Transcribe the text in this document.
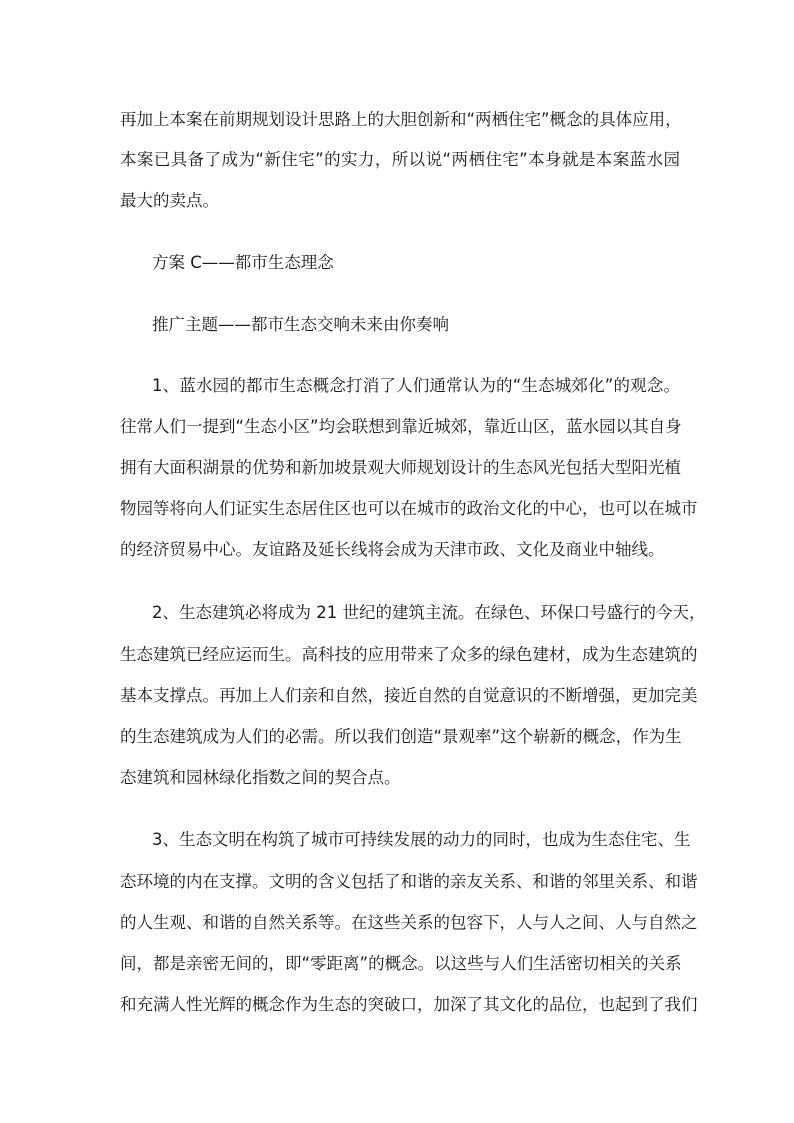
再加上本案在前期规划设计思路上的大胆创新和“两栖住宅”概念的具体应用，
本案已具备了成为“新住宅”的实力，所以说“两栖住宅”本身就是本案蓝水园
最大的卖点。
方案 C——都市生态理念
推广主题——都市生态交响未来由你奏响
1、蓝水园的都市生态概念打消了人们通常认为的“生态城郊化”的观念。
往常人们一提到“生态小区”均会联想到靠近城郊，靠近山区，蓝水园以其自身
拥有大面积湖景的优势和新加坡景观大师规划设计的生态风光包括大型阳光植
物园等将向人们证实生态居住区也可以在城市的政治文化的中心，也可以在城市
的经济贸易中心。友谊路及延长线将会成为天津市政、文化及商业中轴线。
2、生态建筑必将成为 21 世纪的建筑主流。在绿色、环保口号盛行的今天，
生态建筑已经应运而生。高科技的应用带来了众多的绿色建材，成为生态建筑的
基本支撑点。再加上人们亲和自然，接近自然的自觉意识的不断增强，更加完美
的生态建筑成为人们的必需。所以我们创造“景观率”这个崭新的概念，作为生
态建筑和园林绿化指数之间的契合点。
3、生态文明在构筑了城市可持续发展的动力的同时，也成为生态住宅、生
态环境的内在支撑。文明的含义包括了和谐的亲友关系、和谐的邻里关系、和谐
的人生观、和谐的自然关系等。在这些关系的包容下，人与人之间、人与自然之
间，都是亲密无间的，即“零距离”的概念。以这些与人们生活密切相关的关系
和充满人性光辉的概念作为生态的突破口，加深了其文化的品位，也起到了我们
